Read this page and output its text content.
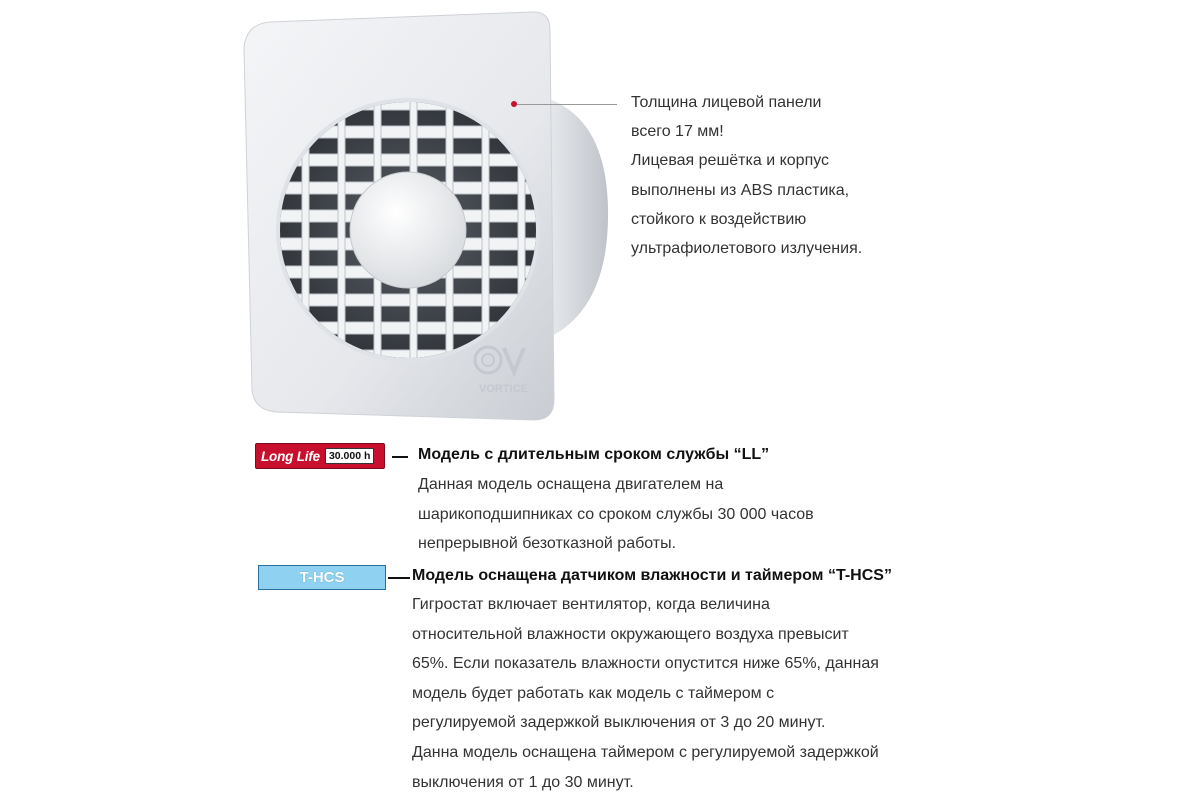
VORTICE
Толщина лицевой панели
всего 17 мм!
Лицевая решётка и корпус
выполнены из ABS пластика,
стойкого к воздействию
ультрафиолетового излучения.
Long Life 30.000 h	Модель с длительным сроком службы “LL”
Данная модель оснащена двигателем на
шарикоподшипниках со сроком службы 30 000 часов
непрерывной безотказной работы.
T-HCS	Модель оснащена датчиком влажности и таймером “T-HCS”
Гигростат включает вентилятор, когда величина
относительной влажности окружающего воздуха превысит
65%. Если показатель влажности опустится ниже 65%, данная
модель будет работать как модель с таймером с
регулируемой задержкой выключения от 3 до 20 минут.
Данна модель оснащена таймером с регулируемой задержкой
выключения от 1 до 30 минут.
